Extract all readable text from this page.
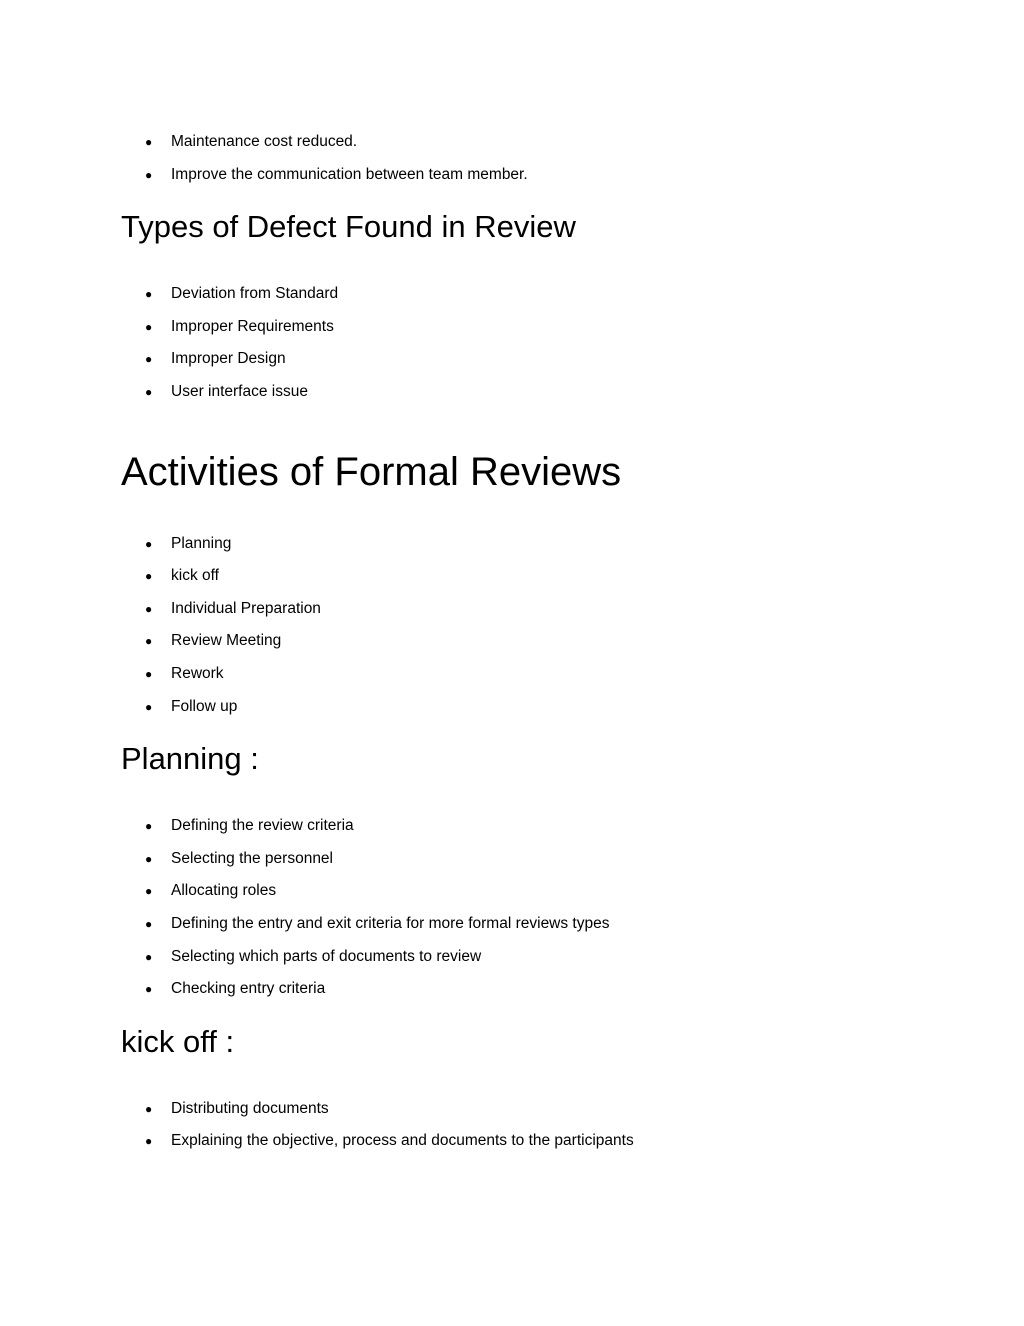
● Maintenance cost reduced.
● Improve the communication between team member.
Types of Defect Found in Review
● Deviation from Standard
● Improper Requirements
● Improper Design
● User interface issue
Activities of Formal Reviews
● Planning
● kick off
● Individual Preparation
● Review Meeting
● Rework
● Follow up
Planning :
● Defining the review criteria
● Selecting the personnel
● Allocating roles
● Defining the entry and exit criteria for more formal reviews types
● Selecting which parts of documents to review
● Checking entry criteria
kick off :
● Distributing documents
● Explaining the objective, process and documents to the participants
